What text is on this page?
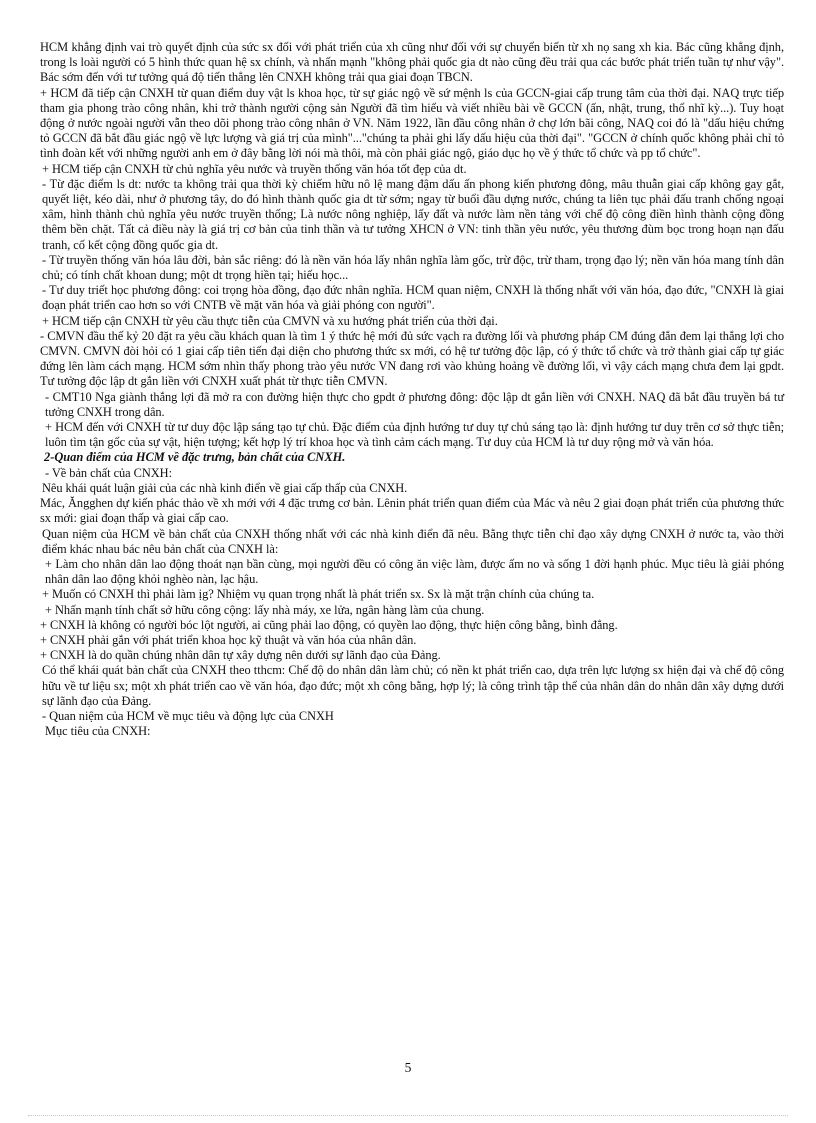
HCM khẳng định vai trò quyết định của sức sx đối với phát triển của xh cũng như đối với sự chuyển biến từ xh nọ sang xh kia. Bác cũng khẳng định, trong ls loài người có 5 hình thức quan hệ sx chính, và nhấn mạnh "không phải quốc gia dt nào cũng đều trải qua các bước phát triển tuần tự như vậy". Bác sớm đến với tư tưởng quá độ tiến thẳng lên CNXH không trải qua giai đoạn TBCN.

+ HCM đã tiếp cận CNXH từ quan điểm duy vật ls khoa học, từ sự giác ngộ về sứ mệnh ls của GCCN-giai cấp trung tâm của thời đại. NAQ trực tiếp tham gia phong trào công nhân, khi trở thành người cộng sản Người đã tìm hiểu và viết nhiều bài về GCCN (ấn, nhật, trung, thổ nhĩ kỳ...). Tuy hoạt động ở nước ngoài người vẫn theo dõi phong trào công nhân ở VN. Năm 1922, lần đầu công nhân ở chợ lớn bãi công, NAQ coi đó là "dấu hiệu chứng tỏ GCCN đã bắt đầu giác ngộ về lực lượng và giá trị của mình"..."chúng ta phải ghi lấy dấu hiệu của thời đại". "GCCN ở chính quốc không phải chỉ tỏ tình đoàn kết với những người anh em ở đây bằng lời nói mà thôi, mà còn phải giác ngộ, giáo dục họ về ý thức tổ chức và pp tổ chức".

+ HCM tiếp cận CNXH từ chủ nghĩa yêu nước và truyền thống văn hóa tốt đẹp của dt.

- Từ đặc điểm ls dt: nước ta không trải qua thời kỳ chiếm hữu nô lệ mang đậm dấu ấn phong kiến phương đông, mâu thuẫn giai cấp không gay gắt, quyết liệt, kéo dài, như ở phương tây, do đó hình thành quốc gia dt từ sớm; ngay từ buổi đầu dựng nước, chúng ta liên tục phải đấu tranh chống ngoại xâm, hình thành chủ nghĩa yêu nước truyền thống; Là nước nông nghiệp, lấy đất và nước làm nền tảng với chế độ công điền hình thành cộng đồng thêm bền chặt. Tất cả điều này là giá trị cơ bản của tinh thần và tư tưởng XHCN ở VN: tinh thần yêu nước, yêu thương đùm bọc trong hoạn nạn đấu tranh, cố kết cộng đồng quốc gia dt.

- Từ truyền thống văn hóa lâu đời, bản sắc riêng: đó là nền văn hóa lấy nhân nghĩa làm gốc, trừ độc, trừ tham, trọng đạo lý; nền văn hóa mang tính dân chủ; có tính chất khoan dung; một dt trọng hiền tại; hiếu học...

- Tư duy triết học phương đông: coi trọng hòa đồng, đạo đức nhân nghĩa. HCM quan niệm, CNXH là thống nhất với văn hóa, đạo đức, "CNXH là giai đoạn phát triển cao hơn so với CNTB về mặt văn hóa và giải phóng con người".

+ HCM tiếp cận CNXH từ yêu cầu thực tiễn của CMVN và xu hướng phát triển của thời đại.

- CMVN đầu thế kỷ 20 đặt ra yêu cầu khách quan là tìm 1 ý thức hệ mới đủ sức vạch ra đường lối và phương pháp CM đúng đắn đem lại thắng lợi cho CMVN. CMVN đòi hỏi có 1 giai cấp tiên tiến đại diện cho phương thức sx mới, có hệ tư tưởng độc lập, có ý thức tổ chức và trở thành giai cấp tự giác đứng lên làm cách mạng. HCM sớm nhìn thấy phong trào yêu nước VN đang rơi vào khủng hoảng về đường lối, vì vậy cách mạng chưa đem lại gpdt. Tư tưởng độc lập dt gắn liền với CNXH xuất phát từ thực tiễn CMVN.

- CMT10 Nga giành thắng lợi đã mở ra con đường hiện thực cho gpdt ở phương đông: độc lập dt gắn liền với CNXH. NAQ đã bắt đầu truyền bá tư tưởng CNXH trong dân.

+ HCM đến với CNXH từ tư duy độc lập sáng tạo tự chủ. Đặc điểm của định hướng tư duy tự chủ sáng tạo là: định hướng tư duy trên cơ sở thực tiễn; luôn tìm tận gốc của sự vật, hiện tượng; kết hợp lý trí khoa học và tình cảm cách mạng. Tư duy của HCM là tư duy rộng mở và văn hóa.

2-Quan điểm của HCM về đặc trưng, bản chất của CNXH.

- Về bản chất của CNXH:

Nêu khái quát luận giải của các nhà kinh điển về giai cấp thấp của CNXH.

Mác, Ăngghen dự kiến phác thảo về xh mới với 4 đặc trưng cơ bản. Lênin phát triển quan điểm của Mác và nêu 2 giai đoạn phát triển của phương thức sx mới: giai đoạn thấp và giai cấp cao.

Quan niệm của HCM về bản chất của CNXH thống nhất với các nhà kinh điển đã nêu. Bằng thực tiễn chỉ đạo xây dựng CNXH ở nước ta, vào thời điểm khác nhau bác nêu bản chất của CNXH là:

+ Làm cho nhân dân lao động thoát nạn bần cùng, mọi người đều có công ăn việc làm, được ấm no và sống 1 đời hạnh phúc. Mục tiêu là giải phóng nhân dân lao động khỏi nghèo nàn, lạc hậu.

+ Muốn có CNXH thì phải làm ịg? Nhiệm vụ quan trọng nhất là phát triển sx. Sx là mặt trận chính của chúng ta.

+ Nhấn mạnh tính chất sở hữu công cộng: lấy nhà máy, xe lửa, ngân hàng làm của chung.

+ CNXH là không có người bóc lột người, ai cũng phải lao động, có quyền lao động, thực hiện công bằng, bình đẳng.

+ CNXH phải gắn với phát triển khoa học kỹ thuật và văn hóa của nhân dân.

+ CNXH là do quần chúng nhân dân tự xây dựng nên dưới sự lãnh đạo của Đảng.

Có thể khái quát bản chất của CNXH theo tthcm: Chế độ do nhân dân làm chủ; có nền kt phát triển cao, dựa trên lực lượng sx hiện đại và chế độ công hữu về tư liệu sx; một xh phát triển cao về văn hóa, đạo đức; một xh công bằng, hợp lý; là công trình tập thể của nhân dân do nhân dân xây dựng dưới sự lãnh đạo của Đảng.

- Quan niệm của HCM về mục tiêu và động lực của CNXH

Mục tiêu của CNXH:

5
